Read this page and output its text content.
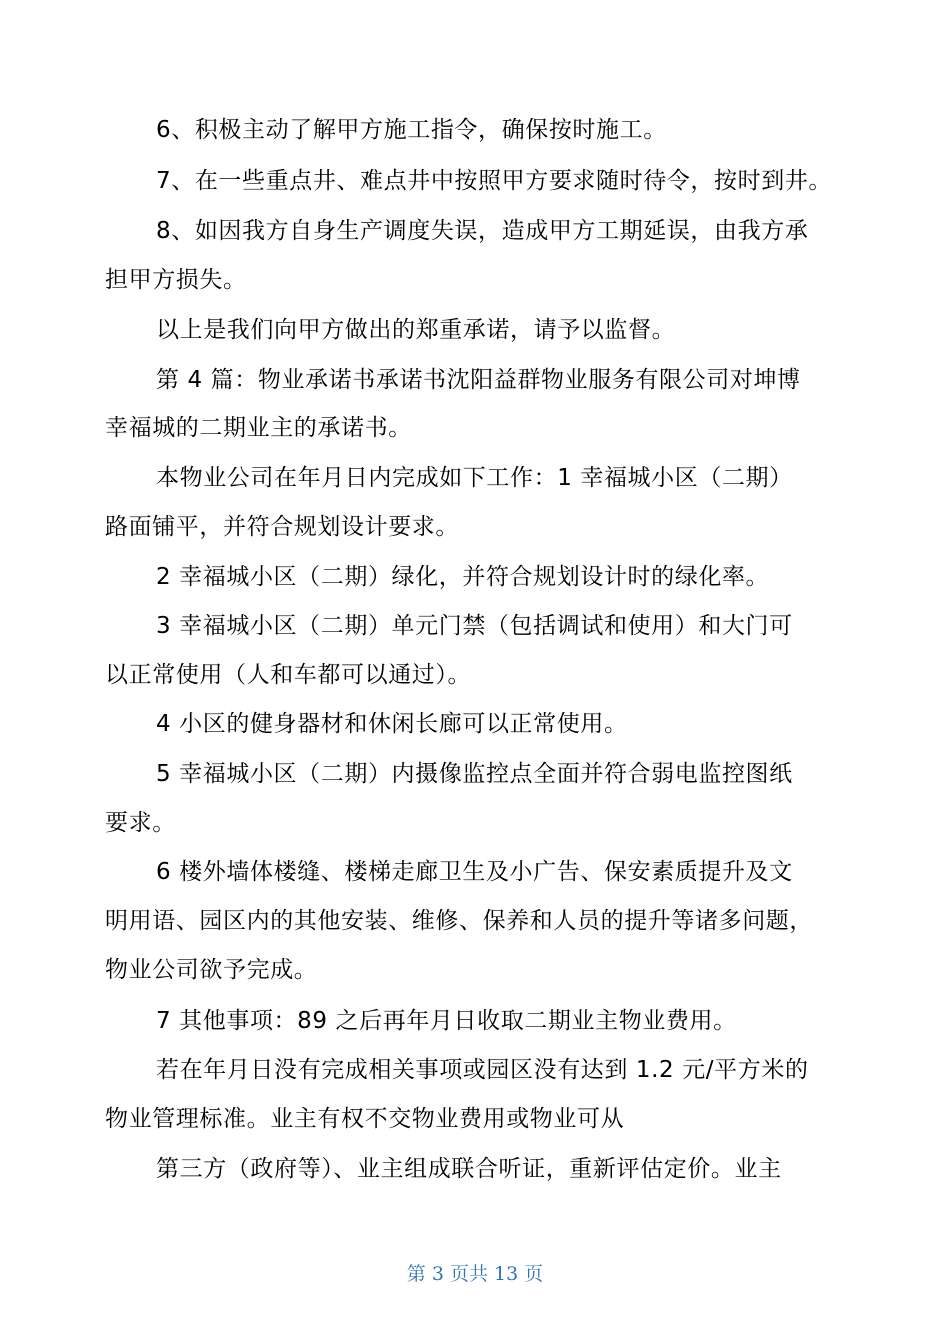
6、积极主动了解甲方施工指令，确保按时施工。
7、在一些重点井、难点井中按照甲方要求随时待令，按时到井。
8、如因我方自身生产调度失误，造成甲方工期延误，由我方承
担甲方损失。
以上是我们向甲方做出的郑重承诺，请予以监督。
第 4 篇：物业承诺书承诺书沈阳益群物业服务有限公司对坤博
幸福城的二期业主的承诺书。
本物业公司在年月日内完成如下工作：1 幸福城小区（二期）
路面铺平，并符合规划设计要求。
2 幸福城小区（二期）绿化，并符合规划设计时的绿化率。
3 幸福城小区（二期）单元门禁（包括调试和使用）和大门可
以正常使用（人和车都可以通过）。
4 小区的健身器材和休闲长廊可以正常使用。
5 幸福城小区（二期）内摄像监控点全面并符合弱电监控图纸
要求。
6 楼外墙体楼缝、楼梯走廊卫生及小广告、保安素质提升及文
明用语、园区内的其他安装、维修、保养和人员的提升等诸多问题，
物业公司欲予完成。
7 其他事项：89 之后再年月日收取二期业主物业费用。
若在年月日没有完成相关事项或园区没有达到 1.2 元/平方米的
物业管理标准。业主有权不交物业费用或物业可从
第三方（政府等）、业主组成联合听证，重新评估定价。业主
第 3 页共 13 页
